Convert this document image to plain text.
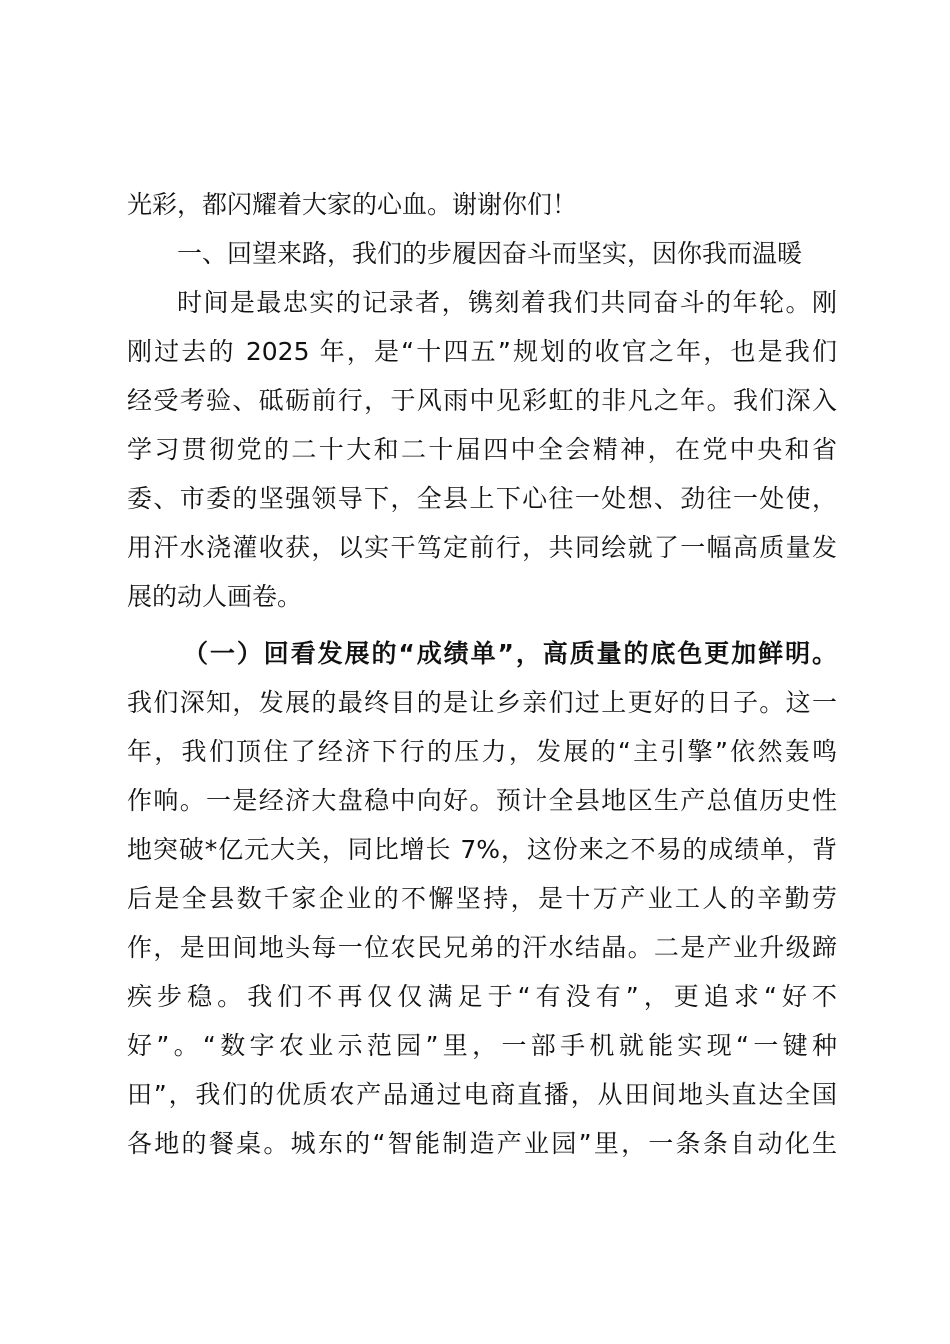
光彩，都闪耀着大家的心血。谢谢你们！
一、回望来路，我们的步履因奋斗而坚实，因你我而温暖
时间是最忠实的记录者，镌刻着我们共同奋斗的年轮。刚
刚过去的 2025 年，是“十四五”规划的收官之年，也是我们
经受考验、砥砺前行，于风雨中见彩虹的非凡之年。我们深入
学习贯彻党的二十大和二十届四中全会精神，在党中央和省
委、市委的坚强领导下，全县上下心往一处想、劲往一处使，
用汗水浇灌收获，以实干笃定前行，共同绘就了一幅高质量发
展的动人画卷。
（一）回看发展的“成绩单”，高质量的底色更加鲜明。
我们深知，发展的最终目的是让乡亲们过上更好的日子。这一
年，我们顶住了经济下行的压力，发展的“主引擎”依然轰鸣
作响。一是经济大盘稳中向好。预计全县地区生产总值历史性
地突破*亿元大关，同比增长 7%，这份来之不易的成绩单，背
后是全县数千家企业的不懈坚持，是十万产业工人的辛勤劳
作，是田间地头每一位农民兄弟的汗水结晶。二是产业升级蹄
疾步稳。我们不再仅仅满足于“有没有”，更追求“好不
好”。“数字农业示范园”里，一部手机就能实现“一键种
田”，我们的优质农产品通过电商直播，从田间地头直达全国
各地的餐桌。城东的“智能制造产业园”里，一条条自动化生
